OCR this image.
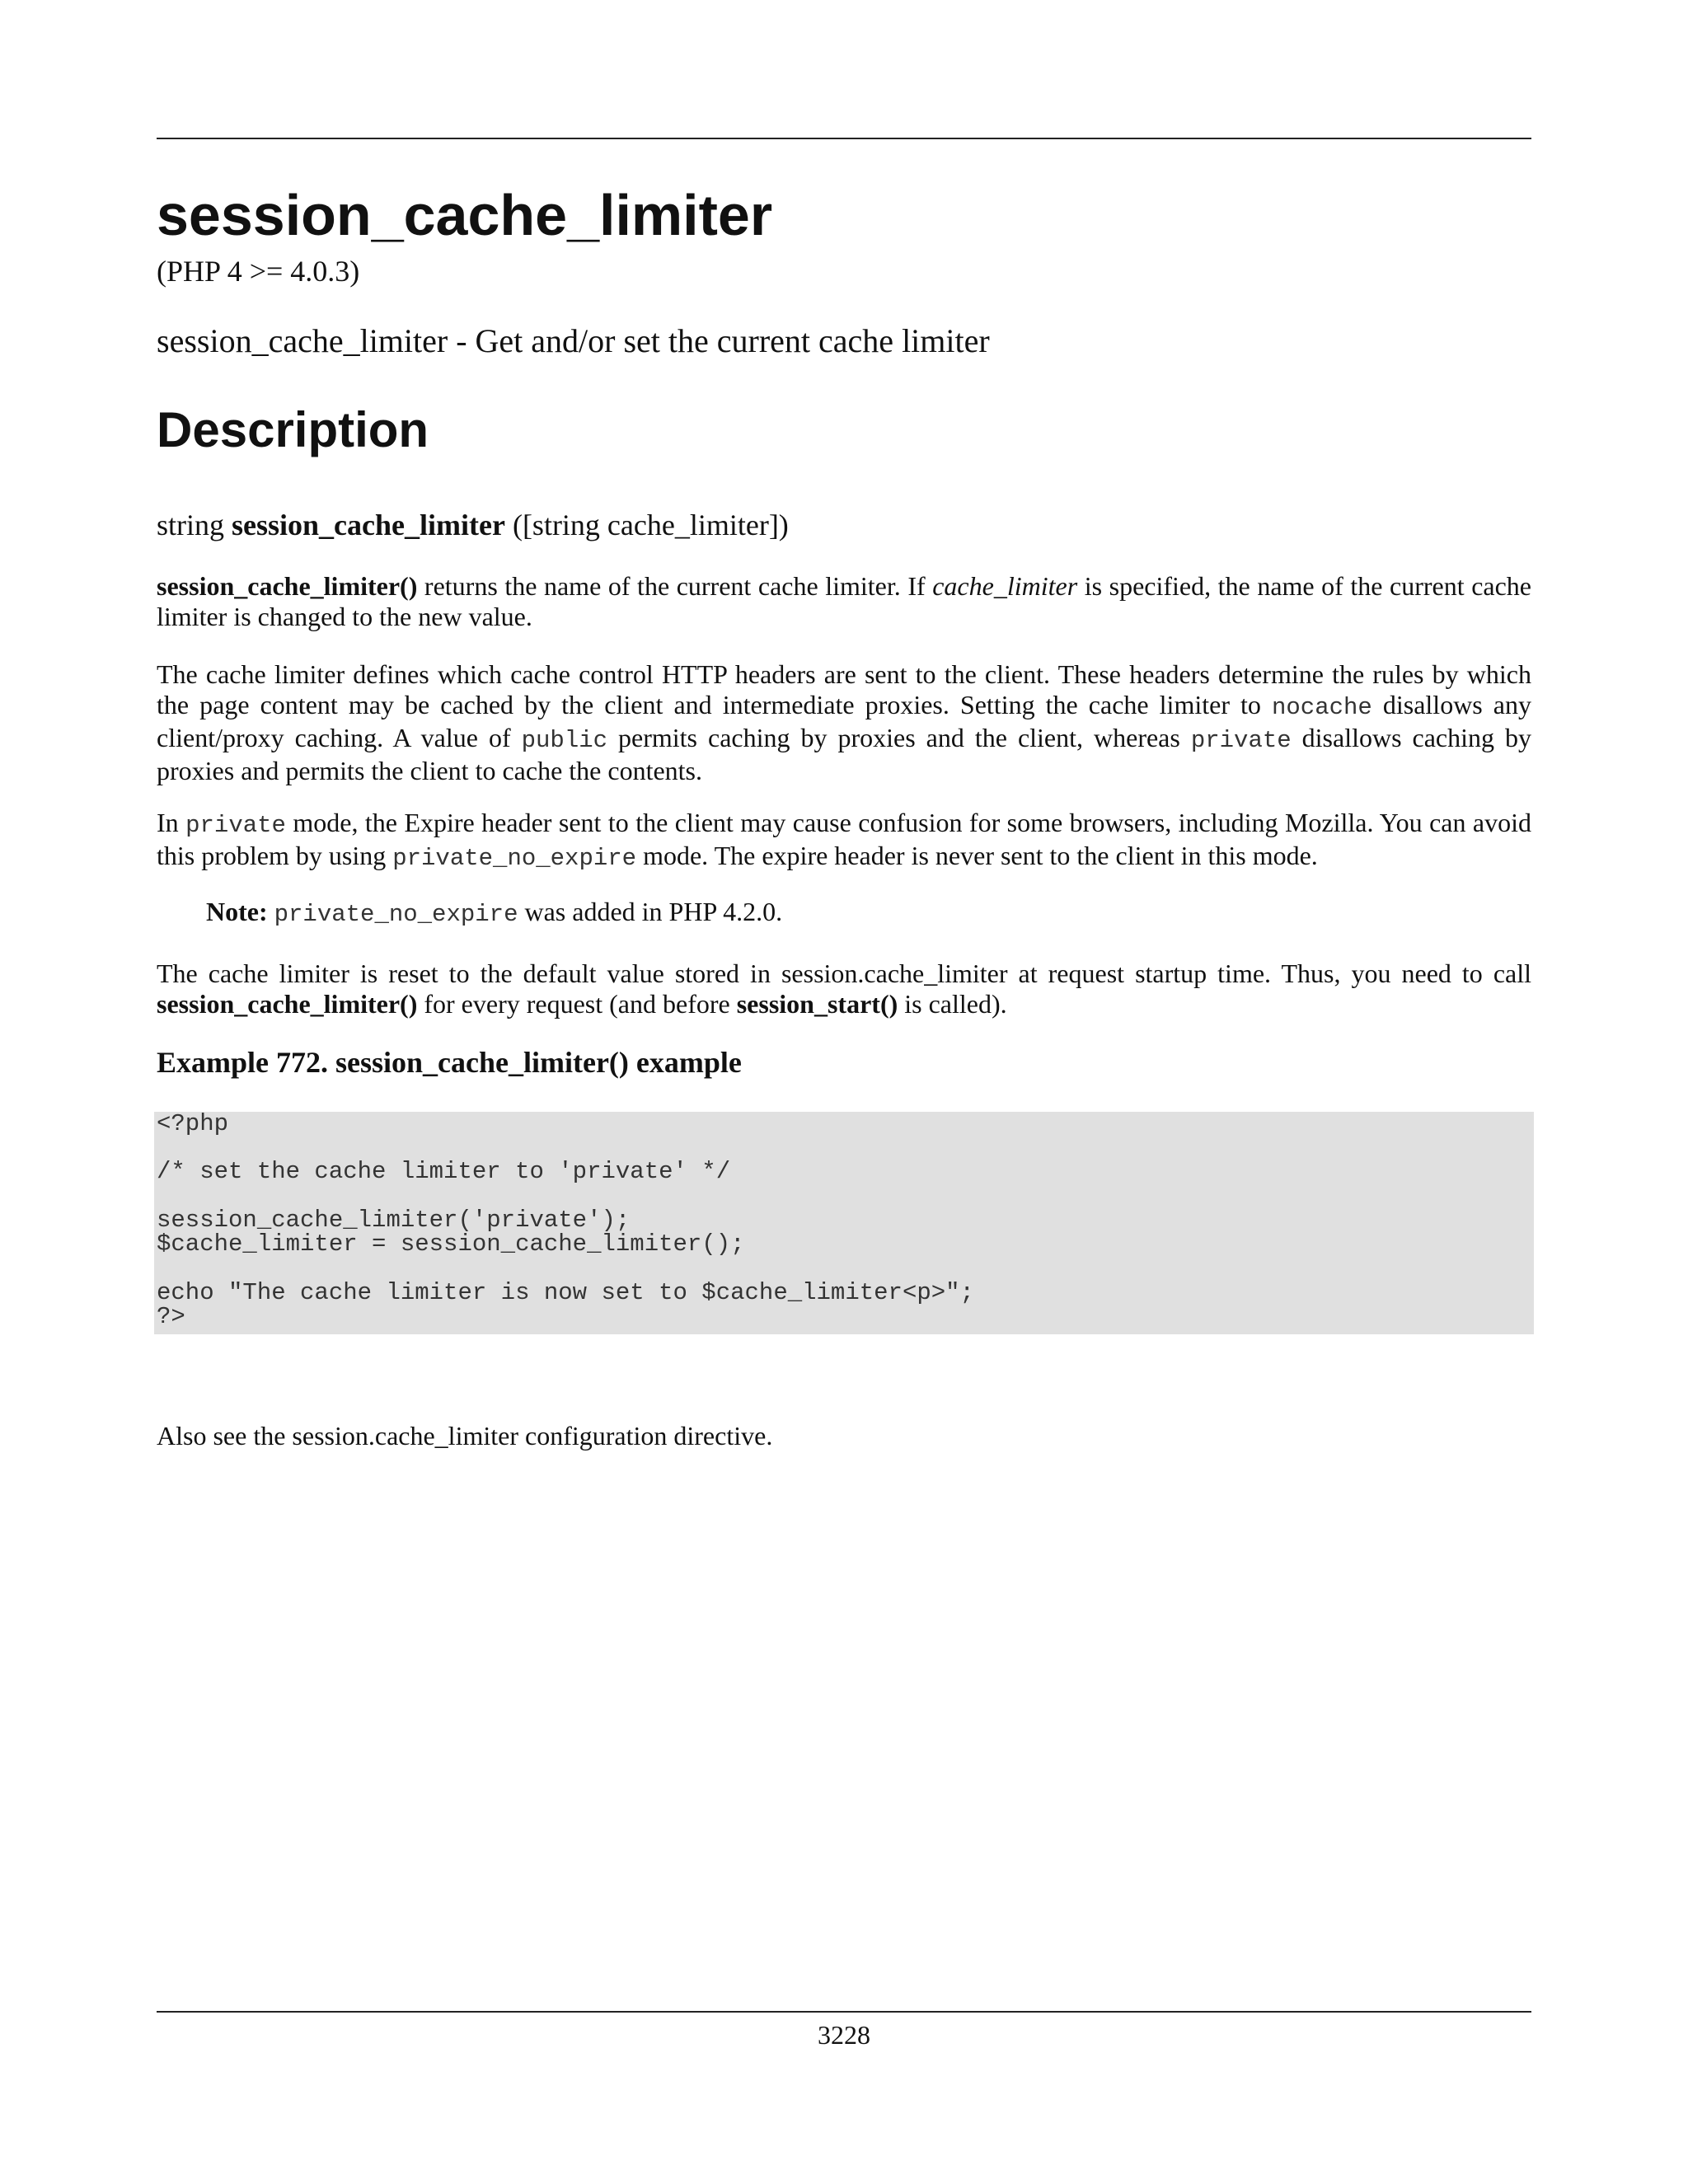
session_cache_limiter
(PHP 4 >= 4.0.3)
session_cache_limiter - Get and/or set the current cache limiter
Description
string session_cache_limiter ([string cache_limiter])

session_cache_limiter() returns the name of the current cache limiter. If cache_limiter is specified, the name of the current cache limiter is changed to the new value.

The cache limiter defines which cache control HTTP headers are sent to the client. These headers determine the rules by which the page content may be cached by the client and intermediate proxies. Setting the cache limiter to nocache disallows any client/proxy caching. A value of public permits caching by proxies and the client, whereas private disallows caching by proxies and permits the client to cache the contents.

In private mode, the Expire header sent to the client may cause confusion for some browsers, including Mozilla. You can avoid this problem by using private_no_expire mode. The expire header is never sent to the client in this mode.

Note: private_no_expire was added in PHP 4.2.0.

The cache limiter is reset to the default value stored in session.cache_limiter at request startup time. Thus, you need to call session_cache_limiter() for every request (and before session_start() is called).

Example 772. session_cache_limiter() example
<?php
/* set the cache limiter to 'private' */
session_cache_limiter('private');
$cache_limiter = session_cache_limiter();
echo "The cache limiter is now set to $cache_limiter<p>";
?>

Also see the session.cache_limiter configuration directive.

3228
